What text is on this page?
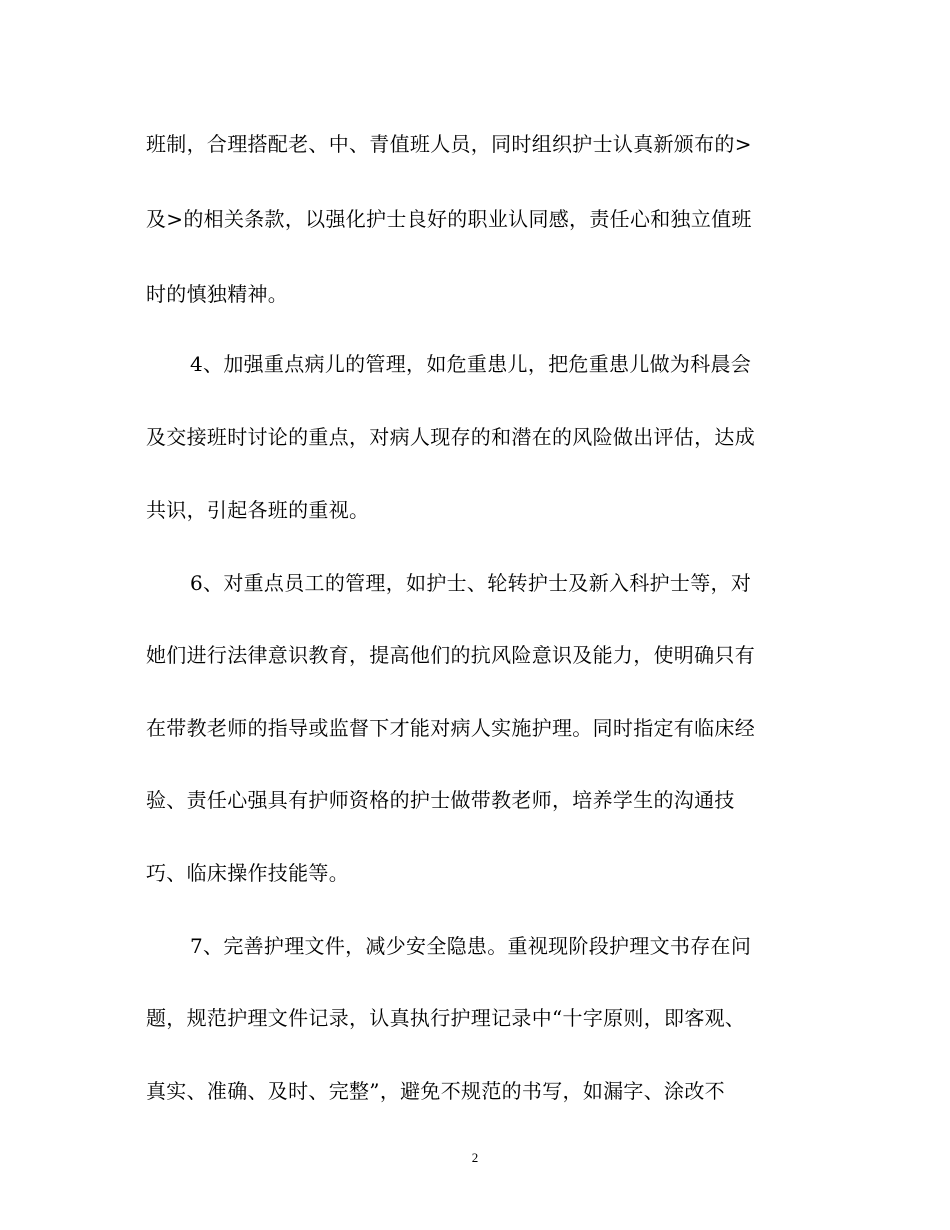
班制，合理搭配老、中、青值班人员，同时组织护士认真新颁布的>
及>的相关条款，以强化护士良好的职业认同感，责任心和独立值班
时的慎独精神。
4、加强重点病儿的管理，如危重患儿，把危重患儿做为科晨会
及交接班时讨论的重点，对病人现存的和潜在的风险做出评估，达成
共识，引起各班的重视。
6、对重点员工的管理，如护士、轮转护士及新入科护士等，对
她们进行法律意识教育，提高他们的抗风险意识及能力，使明确只有
在带教老师的指导或监督下才能对病人实施护理。同时指定有临床经
验、责任心强具有护师资格的护士做带教老师，培养学生的沟通技
巧、临床操作技能等。
7、完善护理文件，减少安全隐患。重视现阶段护理文书存在问
题，规范护理文件记录，认真执行护理记录中“十字原则，即客观、
真实、准确、及时、完整”，避免不规范的书写，如漏字、涂改不
2
